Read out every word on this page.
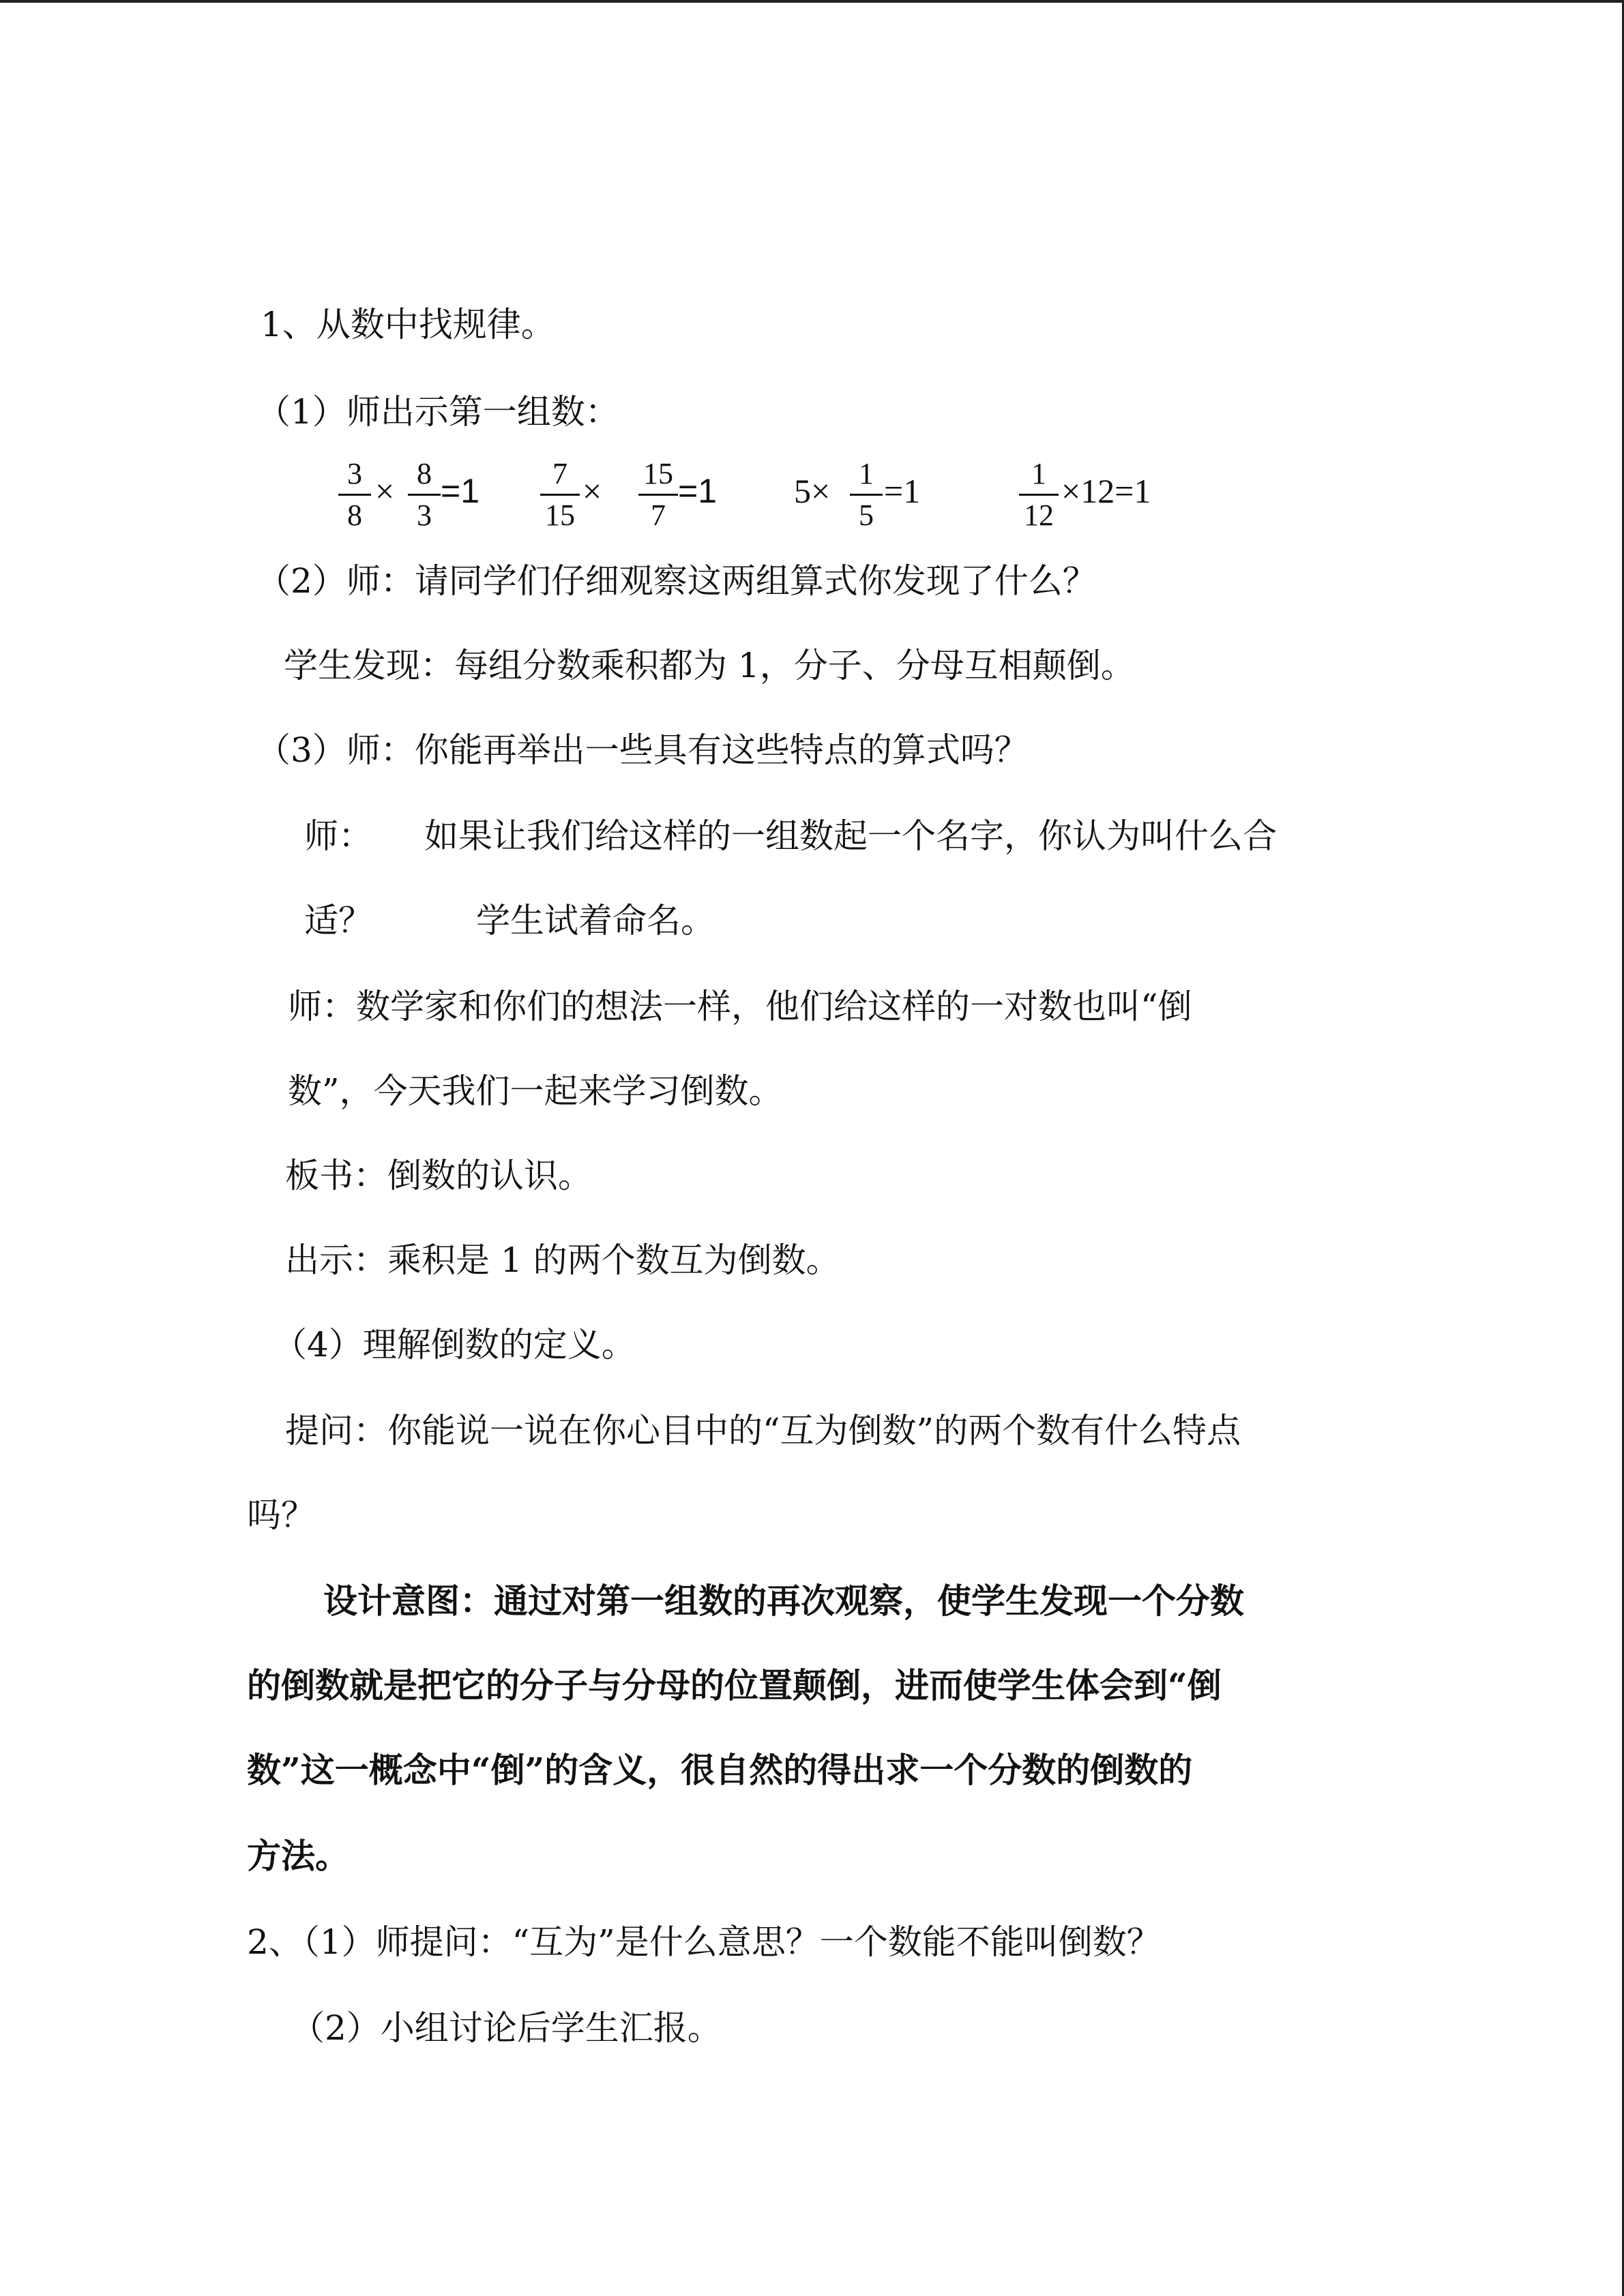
1、从数中找规律。
（1）师出示第一组数：
3
8
× 8
3
=1	7
15
× 15
7
=1 5× 1
5
=1	1
12
×12=1
（2）师：请同学们仔细观察这两组算式你发现了什么？
学生发现：每组分数乘积都为 1，分子、分母互相颠倒。
（3）师：你能再举出一些具有这些特点的算式吗？
师： 如果让我们给这样的一组数起一个名字，你认为叫什么合
适？	学生试着命名。
师：数学家和你们的想法一样，他们给这样的一对数也叫“倒
数”，今天我们一起来学习倒数。
板书：倒数的认识。
出示：乘积是 1 的两个数互为倒数。
（4）理解倒数的定义。
提问：你能说一说在你心目中的“互为倒数”的两个数有什么特点
吗？
设计意图：通过对第一组数的再次观察，使学生发现一个分数
的倒数就是把它的分子与分母的位置颠倒，进而使学生体会到“倒
数”这一概念中“倒”的含义，很自然的得出求一个分数的倒数的
方法。
2、（1）师提问：“互为”是什么意思？一个数能不能叫倒数？
（2）小组讨论后学生汇报。
